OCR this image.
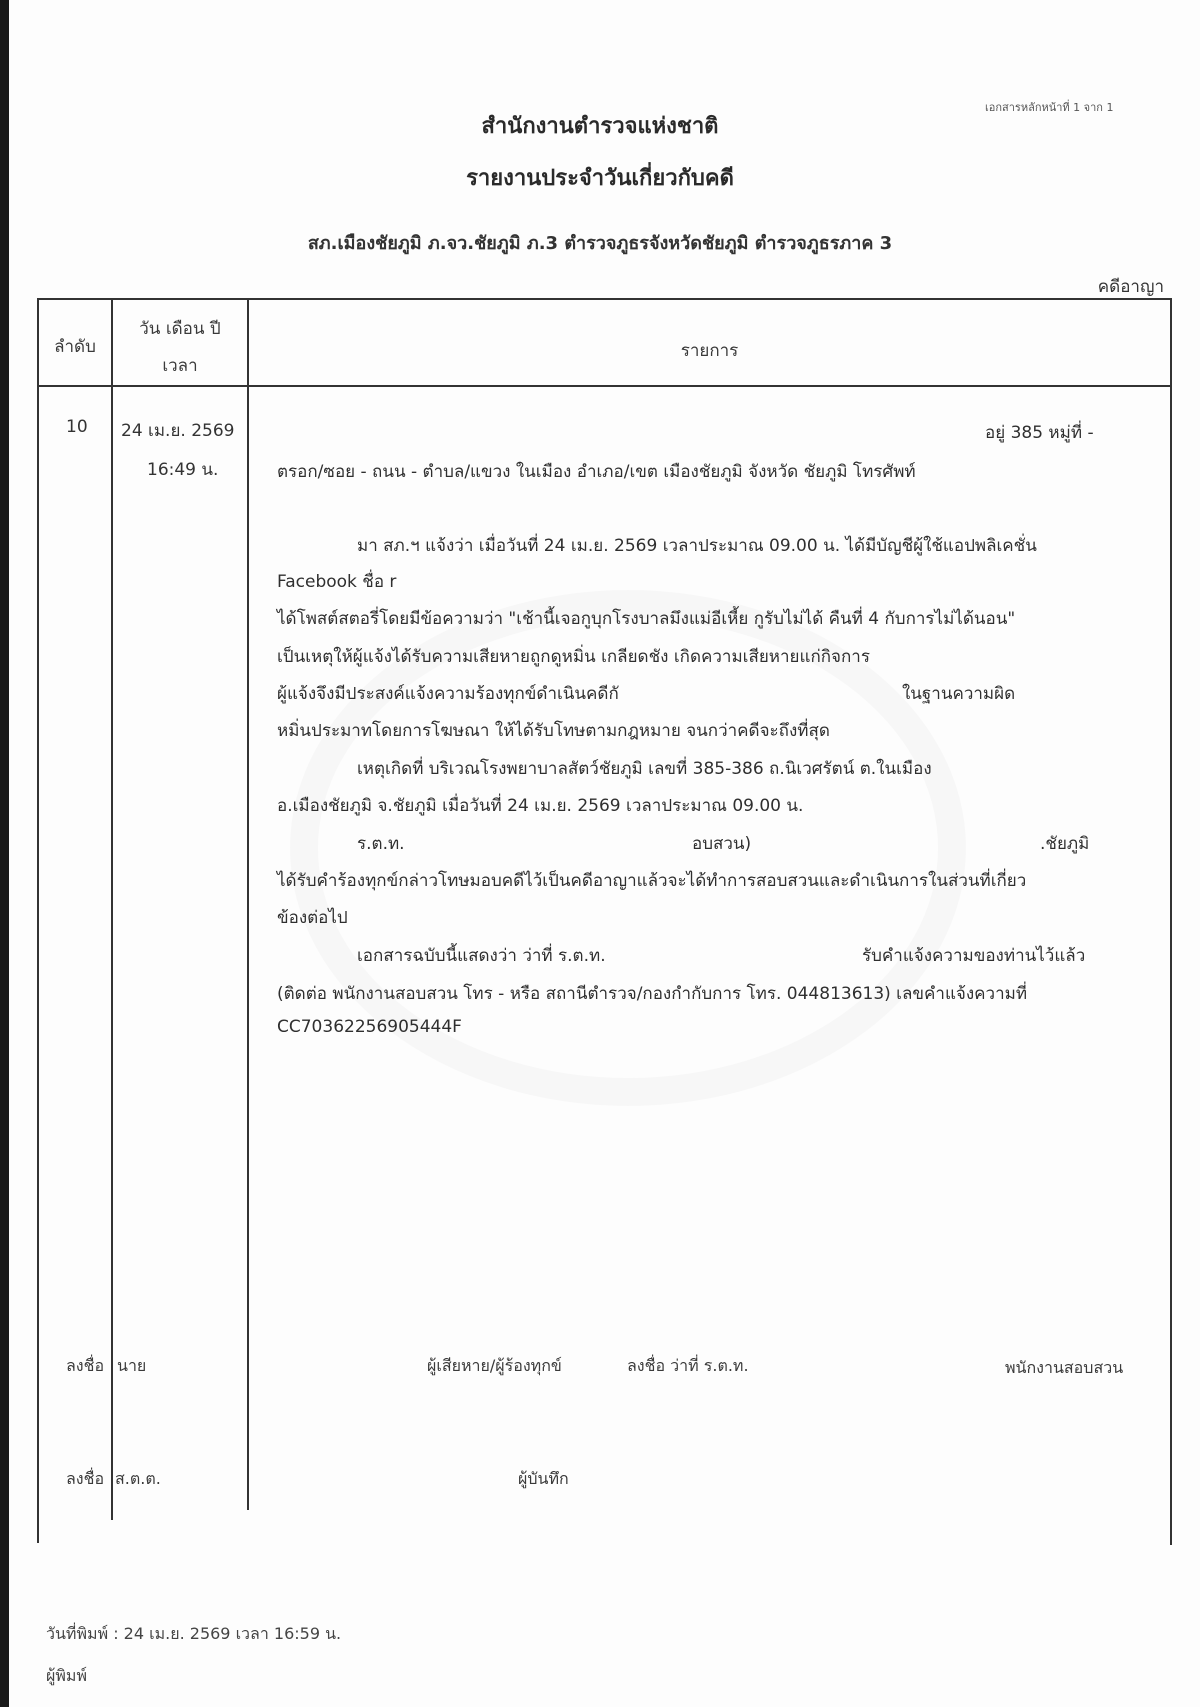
เอกสารหลักหน้าที่ 1 จาก 1
สำนักงานตำรวจแห่งชาติ
รายงานประจำวันเกี่ยวกับคดี
สภ.เมืองชัยภูมิ ภ.จว.ชัยภูมิ ภ.3 ตำรวจภูธรจังหวัดชัยภูมิ ตำรวจภูธรภาค 3
คดีอาญา
ลำดับ
วัน เดือน ปี
เวลา
รายการ
10 24 เม.ย. 2569
16:49 น.
อยู่ 385 หมู่ที่ -
ตรอก/ซอย - ถนน - ตำบล/แขวง ในเมือง อำเภอ/เขต เมืองชัยภูมิ จังหวัด ชัยภูมิ โทรศัพท์
มา สภ.ฯ แจ้งว่า เมื่อวันที่ 24 เม.ย. 2569 เวลาประมาณ 09.00 น. ได้มีบัญชีผู้ใช้แอปพลิเคชั่น
Facebook ชื่อ r
ได้โพสต์สตอรี่โดยมีข้อความว่า "เช้านี้เจอกูบุกโรงบาลมึงแม่อีเหี้ย กูรับไม่ได้ คืนที่ 4 กับการไม่ได้นอน"
เป็นเหตุให้ผู้แจ้งได้รับความเสียหายถูกดูหมิ่น เกลียดชัง เกิดความเสียหายแก่กิจการ
ผู้แจ้งจึงมีประสงค์แจ้งความร้องทุกข์ดำเนินคดีกั	ในฐานความผิด
หมิ่นประมาทโดยการโฆษณา ให้ได้รับโทษตามกฎหมาย จนกว่าคดีจะถึงที่สุด
เหตุเกิดที่ บริเวณโรงพยาบาลสัตว์ชัยภูมิ เลขที่ 385-386 ถ.นิเวศรัตน์ ต.ในเมือง
อ.เมืองชัยภูมิ จ.ชัยภูมิ เมื่อวันที่ 24 เม.ย. 2569 เวลาประมาณ 09.00 น.
ร.ต.ท.	อบสวน)	.ชัยภูมิ
ได้รับคำร้องทุกข์กล่าวโทษมอบคดีไว้เป็นคดีอาญาแล้วจะได้ทำการสอบสวนและดำเนินการในส่วนที่เกี่ยว
ข้องต่อไป
เอกสารฉบับนี้แสดงว่า ว่าที่ ร.ต.ท.	รับคำแจ้งความของท่านไว้แล้ว
(ติดต่อ พนักงานสอบสวน โทร - หรือ สถานีตำรวจ/กองกำกับการ โทร. 044813613) เลขคำแจ้งความที่
CC70362256905444F
ลงชื่อ นาย	ผู้เสียหาย/ผู้ร้องทุกข์	ลงชื่อ ว่าที่ ร.ต.ท.	พนักงานสอบสวน
ลงชื่อ ส.ต.ต.	ผู้บันทึก
วันที่พิมพ์ : 24 เม.ย. 2569 เวลา 16:59 น.
ผู้พิมพ์
